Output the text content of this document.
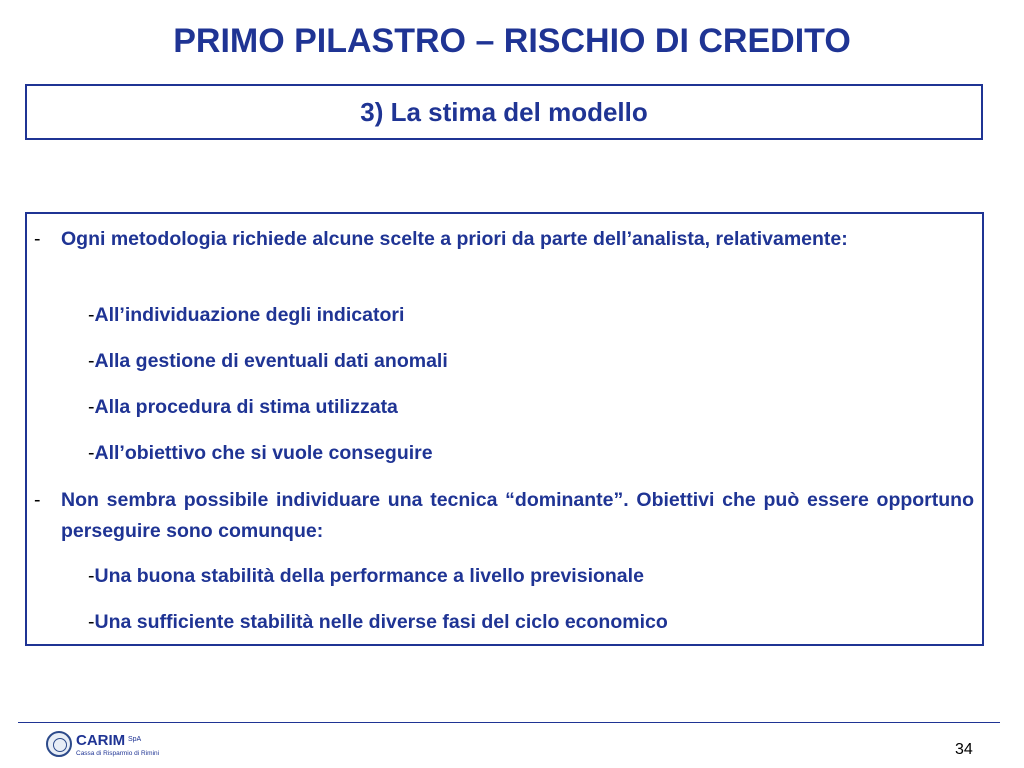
PRIMO PILASTRO – RISCHIO DI CREDITO
3) La stima del modello
- Ogni metodologia richiede alcune scelte a priori da parte dell’analista, relativamente:
-All’individuazione degli indicatori
-Alla gestione di eventuali dati anomali
-Alla procedura di stima utilizzata
-All’obiettivo che si vuole conseguire
- Non sembra possibile individuare una tecnica “dominante”. Obiettivi che può essere opportuno perseguire sono comunque:
-Una buona stabilità della performance a livello previsionale
-Una sufficiente stabilità nelle diverse fasi del ciclo economico
CARIM SpA
Cassa di Risparmio di Rimini	34
